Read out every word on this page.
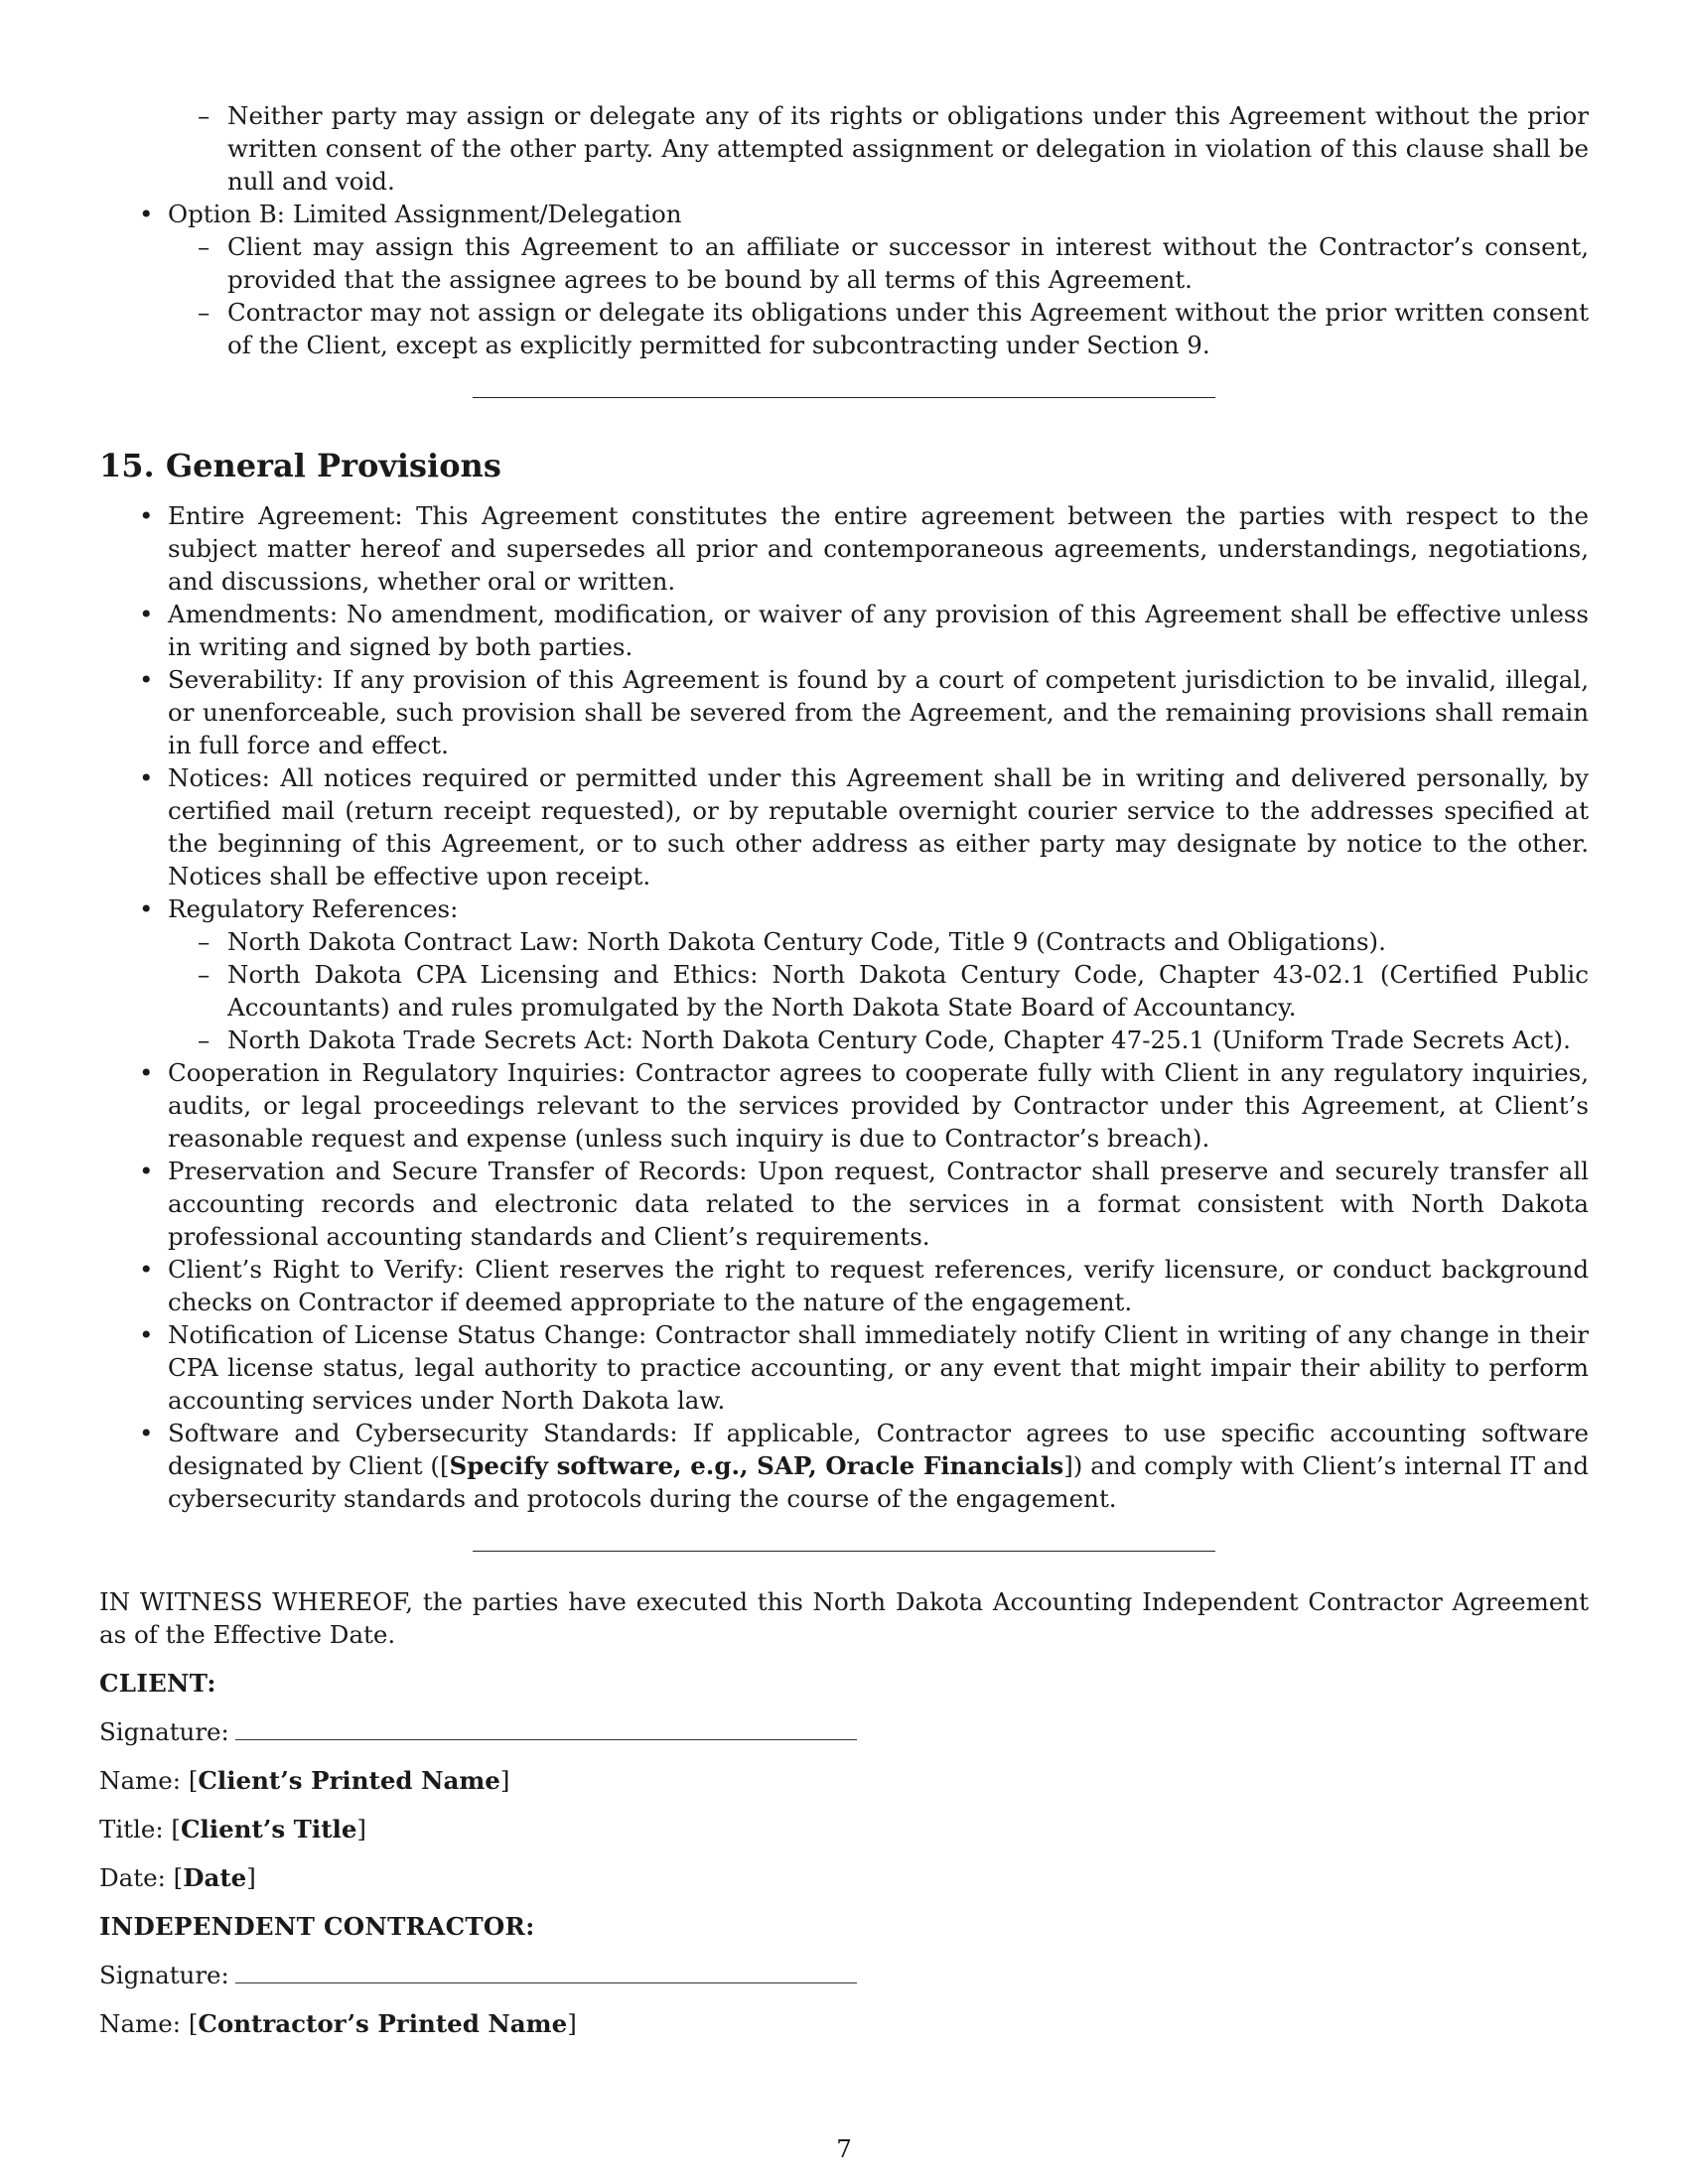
– Neither party may assign or delegate any of its rights or obligations under this Agreement without the prior written consent of the other party. Any attempted assignment or delegation in violation of this clause shall be null and void.
• Option B: Limited Assignment/Delegation
– Client may assign this Agreement to an affiliate or successor in interest without the Contractor’s consent, provided that the assignee agrees to be bound by all terms of this Agreement.
– Contractor may not assign or delegate its obligations under this Agreement without the prior written consent of the Client, except as explicitly permitted for subcontracting under Section 9.
15. General Provisions
• Entire Agreement: This Agreement constitutes the entire agreement between the parties with respect to the subject matter hereof and supersedes all prior and contemporaneous agreements, understandings, negotiations, and discussions, whether oral or written.
• Amendments: No amendment, modification, or waiver of any provision of this Agreement shall be effective unless in writing and signed by both parties.
• Severability: If any provision of this Agreement is found by a court of competent jurisdiction to be invalid, illegal, or unenforceable, such provision shall be severed from the Agreement, and the remaining provisions shall remain in full force and effect.
• Notices: All notices required or permitted under this Agreement shall be in writing and delivered personally, by certified mail (return receipt requested), or by reputable overnight courier service to the addresses specified at the beginning of this Agreement, or to such other address as either party may designate by notice to the other. Notices shall be effective upon receipt.
• Regulatory References:
– North Dakota Contract Law: North Dakota Century Code, Title 9 (Contracts and Obligations).
– North Dakota CPA Licensing and Ethics: North Dakota Century Code, Chapter 43-02.1 (Certified Public Accountants) and rules promulgated by the North Dakota State Board of Accountancy.
– North Dakota Trade Secrets Act: North Dakota Century Code, Chapter 47-25.1 (Uniform Trade Secrets Act).
• Cooperation in Regulatory Inquiries: Contractor agrees to cooperate fully with Client in any regulatory inquiries, audits, or legal proceedings relevant to the services provided by Contractor under this Agreement, at Client’s reasonable request and expense (unless such inquiry is due to Contractor’s breach).
• Preservation and Secure Transfer of Records: Upon request, Contractor shall preserve and securely transfer all accounting records and electronic data related to the services in a format consistent with North Dakota professional accounting standards and Client’s requirements.
• Client’s Right to Verify: Client reserves the right to request references, verify licensure, or conduct background checks on Contractor if deemed appropriate to the nature of the engagement.
• Notification of License Status Change: Contractor shall immediately notify Client in writing of any change in their CPA license status, legal authority to practice accounting, or any event that might impair their ability to perform accounting services under North Dakota law.
• Software and Cybersecurity Standards: If applicable, Contractor agrees to use specific accounting software designated by Client ([Specify software, e.g., SAP, Oracle Financials]) and comply with Client’s internal IT and cybersecurity standards and protocols during the course of the engagement.
IN WITNESS WHEREOF, the parties have executed this North Dakota Accounting Independent Contractor Agreement as of the Effective Date.
CLIENT:
Signature:
Name: [Client’s Printed Name]
Title: [Client’s Title]
Date: [Date]
INDEPENDENT CONTRACTOR:
Signature:
Name: [Contractor’s Printed Name]
7
